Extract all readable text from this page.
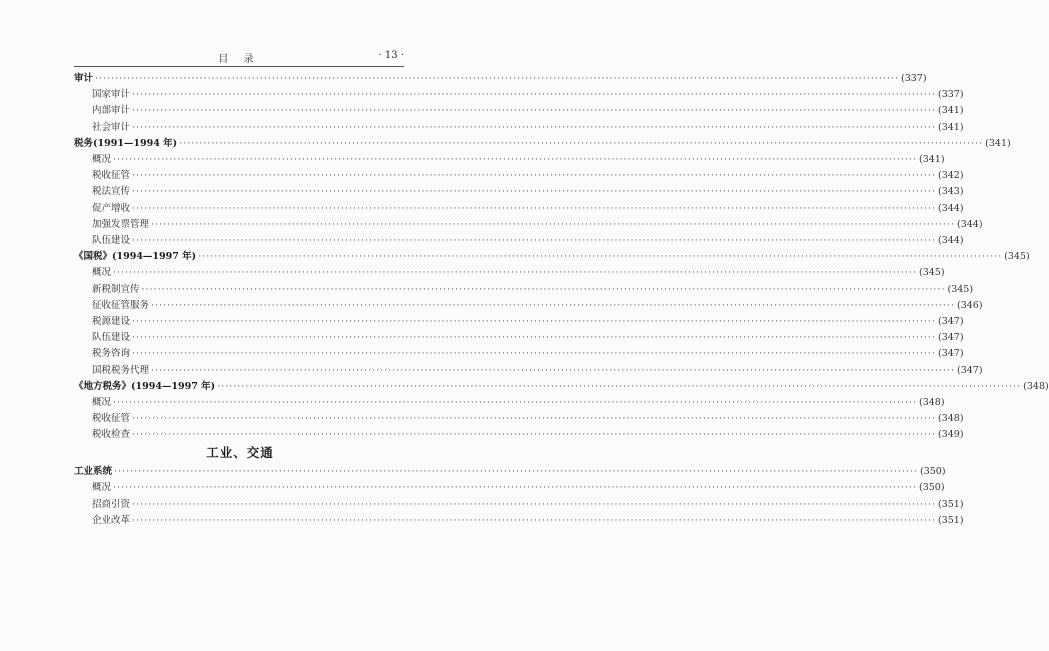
目 录	· 13 ·
审计 ········································································································································································································ (337)
国家审计 ········································································································································································································ (337)
内部审计 ········································································································································································································ (341)
社会审计 ········································································································································································································ (341)
税务(1991—1994 年) ········································································································································································································ (341)
概况 ········································································································································································································ (341)
税收征管 ········································································································································································································ (342)
税法宣传 ········································································································································································································ (343)
促产增收 ········································································································································································································ (344)
加强发票管理 ········································································································································································································ (344)
队伍建设 ········································································································································································································ (344)
《国税》(1994—1997 年) ········································································································································································································ (345)
概况 ········································································································································································································ (345)
新税制宣传 ········································································································································································································ (345)
征收征管服务 ········································································································································································································ (346)
税源建设 ········································································································································································································ (347)
队伍建设 ········································································································································································································ (347)
税务咨询 ········································································································································································································ (347)
国税税务代理 ········································································································································································································ (347)
《地方税务》(1994—1997 年) ········································································································································································································ (348)
概况 ········································································································································································································ (348)
税收征管 ········································································································································································································ (348)
税收检查 ········································································································································································································ (349)
工业、交通
工业系统 ········································································································································································································ (350)
概况 ········································································································································································································ (350)
招商引资 ········································································································································································································ (351)
企业改革 ········································································································································································································ (351)
